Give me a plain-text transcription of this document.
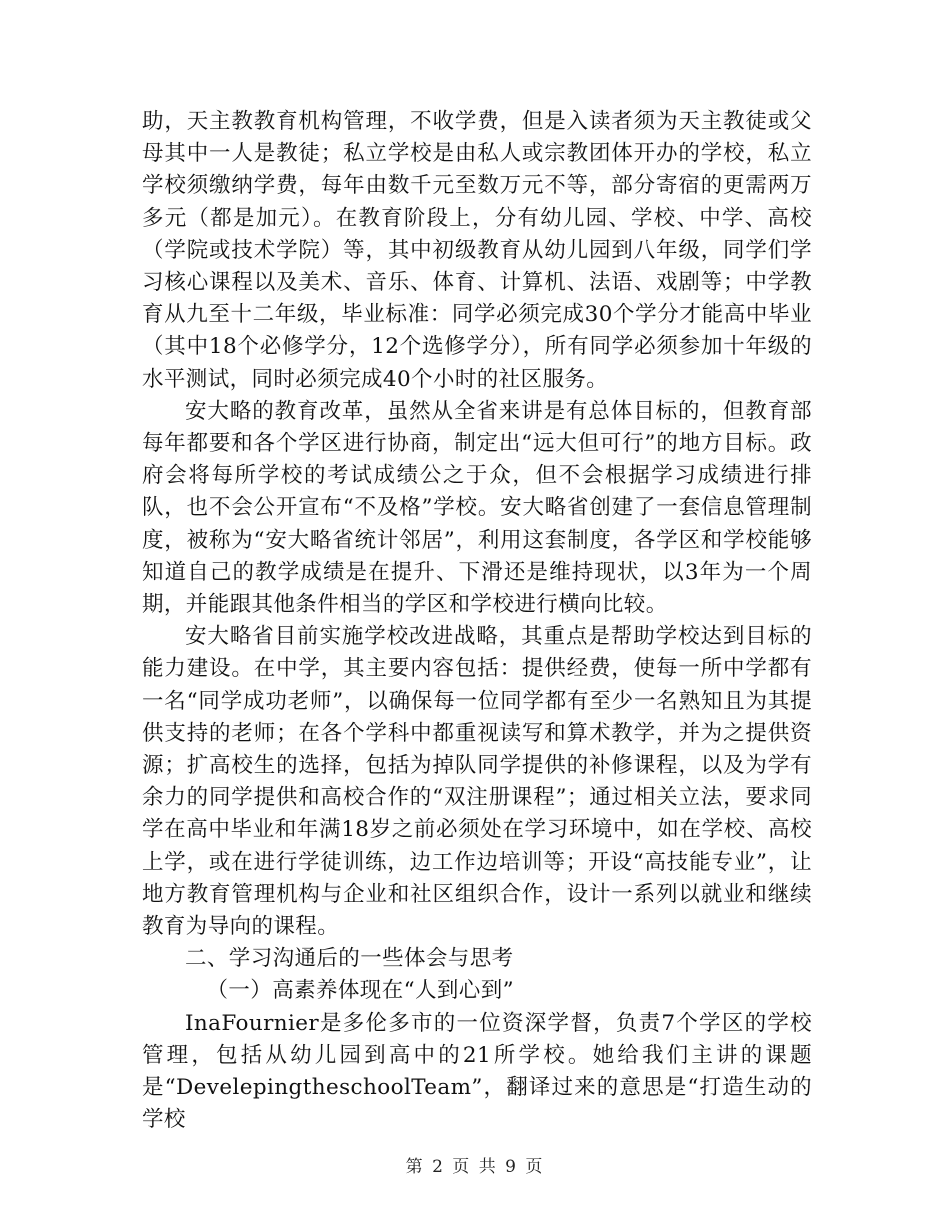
助，天主教教育机构管理，不收学费，但是入读者须为天主教徒或父母其中一人是教徒；私立学校是由私人或宗教团体开办的学校，私立学校须缴纳学费，每年由数千元至数万元不等，部分寄宿的更需两万多元（都是加元）。在教育阶段上，分有幼儿园、学校、中学、高校（学院或技术学院）等，其中初级教育从幼儿园到八年级，同学们学习核心课程以及美术、音乐、体育、计算机、法语、戏剧等；中学教育从九至十二年级，毕业标准：同学必须完成30个学分才能高中毕业（其中18个必修学分，12个选修学分），所有同学必须参加十年级的水平测试，同时必须完成40个小时的社区服务。

安大略的教育改革，虽然从全省来讲是有总体目标的，但教育部每年都要和各个学区进行协商，制定出“远大但可行”的地方目标。政府会将每所学校的考试成绩公之于众，但不会根据学习成绩进行排队，也不会公开宣布“不及格”学校。安大略省创建了一套信息管理制度，被称为“安大略省统计邻居”，利用这套制度，各学区和学校能够知道自己的教学成绩是在提升、下滑还是维持现状，以3年为一个周期，并能跟其他条件相当的学区和学校进行横向比较。

安大略省目前实施学校改进战略，其重点是帮助学校达到目标的能力建设。在中学，其主要内容包括：提供经费，使每一所中学都有一名“同学成功老师”，以确保每一位同学都有至少一名熟知且为其提供支持的老师；在各个学科中都重视读写和算术教学，并为之提供资源；扩高校生的选择，包括为掉队同学提供的补修课程，以及为学有余力的同学提供和高校合作的“双注册课程”；通过相关立法，要求同学在高中毕业和年满18岁之前必须处在学习环境中，如在学校、高校上学，或在进行学徒训练，边工作边培训等；开设“高技能专业”，让地方教育管理机构与企业和社区组织合作，设计一系列以就业和继续教育为导向的课程。

二、学习沟通后的一些体会与思考

（一）高素养体现在“人到心到”

InaFournier是多伦多市的一位资深学督，负责7个学区的学校管理，包括从幼儿园到高中的21所学校。她给我们主讲的课题是“DevelepingtheschoolTeam”，翻译过来的意思是“打造生动的学校

第 2 页 共 9 页
